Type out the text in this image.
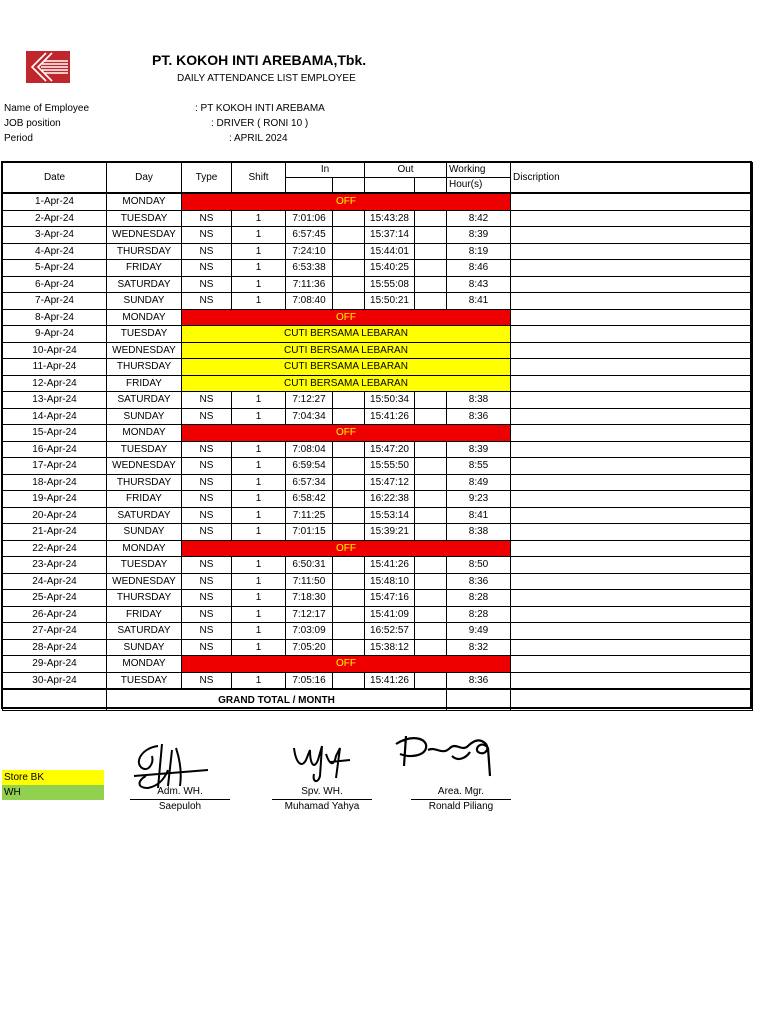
PT. KOKOH INTI AREBAMA,Tbk.
DAILY ATTENDANCE LIST EMPLOYEE
Name of Employee	: PT KOKOH INTI AREBAMA
JOB position	: DRIVER ( RONI 10 )
Period	: APRIL 2024
Date	Day	Type	Shift	In		Out		Working	Discription
								Hour(s)	
1-Apr-24	MONDAY	OFF							
2-Apr-24	TUESDAY	NS	1	7:01:06		15:43:28		8:42	
3-Apr-24	WEDNESDAY	NS	1	6:57:45		15:37:14		8:39	
4-Apr-24	THURSDAY	NS	1	7:24:10		15:44:01		8:19	
5-Apr-24	FRIDAY	NS	1	6:53:38		15:40:25		8:46	
6-Apr-24	SATURDAY	NS	1	7:11:36		15:55:08		8:43	
7-Apr-24	SUNDAY	NS	1	7:08:40		15:50:21		8:41	
8-Apr-24	MONDAY	OFF							
9-Apr-24	TUESDAY	CUTI BERSAMA LEBARAN							
10-Apr-24	WEDNESDAY	CUTI BERSAMA LEBARAN							
11-Apr-24	THURSDAY	CUTI BERSAMA LEBARAN							
12-Apr-24	FRIDAY	CUTI BERSAMA LEBARAN							
13-Apr-24	SATURDAY	NS	1	7:12:27		15:50:34		8:38	
14-Apr-24	SUNDAY	NS	1	7:04:34		15:41:26		8:36	
15-Apr-24	MONDAY	OFF							
16-Apr-24	TUESDAY	NS	1	7:08:04		15:47:20		8:39	
17-Apr-24	WEDNESDAY	NS	1	6:59:54		15:55:50		8:55	
18-Apr-24	THURSDAY	NS	1	6:57:34		15:47:12		8:49	
19-Apr-24	FRIDAY	NS	1	6:58:42		16:22:38		9:23	
20-Apr-24	SATURDAY	NS	1	7:11:25		15:53:14		8:41	
21-Apr-24	SUNDAY	NS	1	7:01:15		15:39:21		8:38	
22-Apr-24	MONDAY	OFF							
23-Apr-24	TUESDAY	NS	1	6:50:31		15:41:26		8:50	
24-Apr-24	WEDNESDAY	NS	1	7:11:50		15:48:10		8:36	
25-Apr-24	THURSDAY	NS	1	7:18:30		15:47:16		8:28	
26-Apr-24	FRIDAY	NS	1	7:12:17		15:41:09		8:28	
27-Apr-24	SATURDAY	NS	1	7:03:09		16:52:57		9:49	
28-Apr-24	SUNDAY	NS	1	7:05:20		15:38:12		8:32	
29-Apr-24	MONDAY	OFF							
30-Apr-24	TUESDAY	NS	1	7:05:16		15:41:26		8:36	
	GRAND TOTAL / MONTH								
Store BK
WH	Adm. WH.
Saepuloh
Spv. WH.
Muhamad Yahya
Area. Mgr.
Ronald Piliang
